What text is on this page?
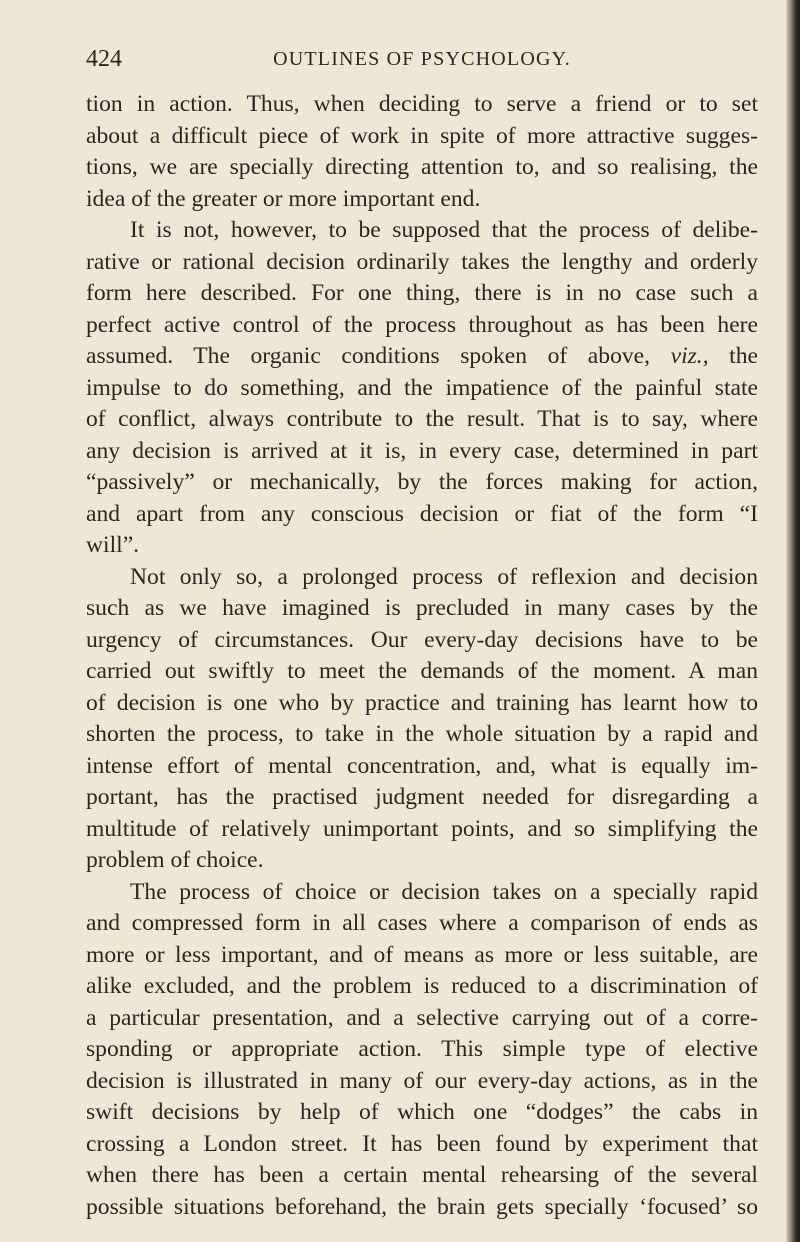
424	OUTLINES OF PSYCHOLOGY.
tion in action. Thus, when deciding to serve a friend or to set
about a difficult piece of work in spite of more attractive sugges-
tions, we are specially directing attention to, and so realising, the
idea of the greater or more important end.
It is not, however, to be supposed that the process of delibe-
rative or rational decision ordinarily takes the lengthy and orderly
form here described. For one thing, there is in no case such a
perfect active control of the process throughout as has been here
assumed. The organic conditions spoken of above, viz., the
impulse to do something, and the impatience of the painful state
of conflict, always contribute to the result. That is to say, where
any decision is arrived at it is, in every case, determined in part
“passively” or mechanically, by the forces making for action,
and apart from any conscious decision or fiat of the form “I
will”.
Not only so, a prolonged process of reflexion and decision
such as we have imagined is precluded in many cases by the
urgency of circumstances. Our every-day decisions have to be
carried out swiftly to meet the demands of the moment. A man
of decision is one who by practice and training has learnt how to
shorten the process, to take in the whole situation by a rapid and
intense effort of mental concentration, and, what is equally im-
portant, has the practised judgment needed for disregarding a
multitude of relatively unimportant points, and so simplifying the
problem of choice.
The process of choice or decision takes on a specially rapid
and compressed form in all cases where a comparison of ends as
more or less important, and of means as more or less suitable, are
alike excluded, and the problem is reduced to a discrimination of
a particular presentation, and a selective carrying out of a corre-
sponding or appropriate action. This simple type of elective
decision is illustrated in many of our every-day actions, as in the
swift decisions by help of which one “dodges” the cabs in
crossing a London street. It has been found by experiment that
when there has been a certain mental rehearsing of the several
possible situations beforehand, the brain gets specially ‘focused’ so
